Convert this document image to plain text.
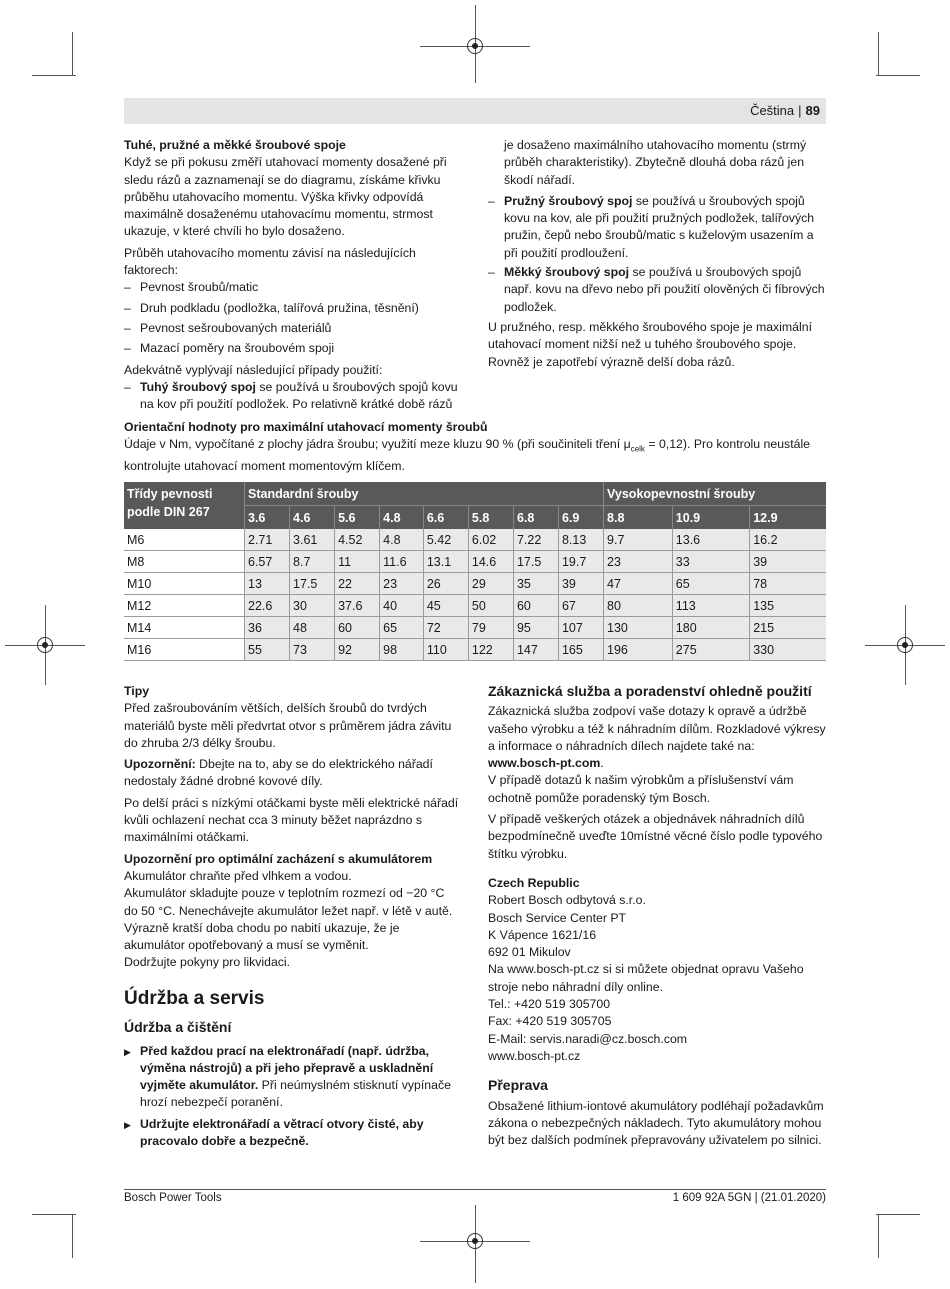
Čeština | 89
Tuhé, pružné a měkké šroubové spoje

Když se při pokusu změří utahovací momenty dosažené při sledu rázů a zaznamenají se do diagramu, získáme křivku průběhu utahovacího momentu. Výška křivky odpovídá maximálně dosaženému utahovacímu momentu, strmost ukazuje, v které chvíli ho bylo dosaženo.

Průběh utahovacího momentu závisí na následujících faktorech:

– Pevnost šroubů/matic
– Druh podkladu (podložka, talířová pružina, těsnění)
– Pevnost sešroubovaných materiálů
– Mazací poměry na šroubovém spoji

Adekvátně vyplývají následující případy použití:

– Tuhý šroubový spoj se používá u šroubových spojů kovu na kov při použití podložek. Po relativně krátké době rázů

je dosaženo maximálního utahovacího momentu (strmý průběh charakteristiky). Zbytečně dlouhá doba rázů jen škodí nářadí.

– Pružný šroubový spoj se používá u šroubových spojů kovu na kov, ale při použití pružných podložek, talířových pružin, čepů nebo šroubů/matic s kuželovým usazením a při použití prodloužení.
– Měkký šroubový spoj se používá u šroubových spojů např. kovu na dřevo nebo při použití olověných či fíbrových podložek.

U pružného, resp. měkkého šroubového spoje je maximální utahovací moment nižší než u tuhého šroubového spoje. Rovněž je zapotřebí výrazně delší doba rázů.

Orientační hodnoty pro maximální utahovací momenty šroubů

Údaje v Nm, vypočítané z plochy jádra šroubu; využití meze kluzu 90 % (při součiniteli tření $\mu_{celk} = 0,12$). Pro kontrolu neustále kontrolujte utahovací moment momentovým klíčem.

Třídy pevnosti podle DIN 267	Standardní šrouby								Vysokopevnostní šrouby		
	3.6	4.6	5.6	4.8	6.6	5.8	6.8	6.9	8.8	10.9	12.9
M6	2.71	3.61	4.52	4.8	5.42	6.02	7.22	8.13	9.7	13.6	16.2
M8	6.57	8.7	11	11.6	13.1	14.6	17.5	19.7	23	33	39
M10	13	17.5	22	23	26	29	35	39	47	65	78
M12	22.6	30	37.6	40	45	50	60	67	80	113	135
M14	36	48	60	65	72	79	95	107	130	180	215
M16	55	73	92	98	110	122	147	165	196	275	330
Tipy

Před zašroubováním větších, delších šroubů do tvrdých materiálů byste měli předvrtat otvor s průměrem jádra závitu do zhruba 2/3 délky šroubu.

Upozornění: Dbejte na to, aby se do elektrického nářadí nedostaly žádné drobné kovové díly.

Po delší práci s nízkými otáčkami byste měli elektrické nářadí kvůli ochlazení nechat cca 3 minuty běžet naprázdno s maximálními otáčkami.

Upozornění pro optimální zacházení s akumulátorem
Akumulátor chraňte před vlhkem a vodou.
Akumulátor skladujte pouze v teplotním rozmezí od −20 °C do 50 °C. Nenechávejte akumulátor ležet např. v létě v autě.
Výrazně kratší doba chodu po nabití ukazuje, že je akumulátor opotřebovaný a musí se vyměnit.
Dodržujte pokyny pro likvidaci.
Údržba a servis
Údržba a čištění
▶ Před každou prací na elektronářadí (např. údržba, výměna nástrojů) a při jeho přepravě a uskladnění vyjměte akumulátor. Při neúmyslném stisknutí vypínače hrozí nebezpečí poranění.
▶ Udržujte elektronářadí a větrací otvory čisté, aby pracovalo dobře a bezpečně.
Zákaznická služba a poradenství ohledně použití

Zákaznická služba zodpoví vaše dotazy k opravě a údržbě vašeho výrobku a též k náhradním dílům. Rozkladové výkresy a informace o náhradních dílech najdete také na:

www.bosch-pt.com.

V případě dotazů k našim výrobkům a příslušenství vám ochotně pomůže poradenský tým Bosch.

V případě veškerých otázek a objednávek náhradních dílů bezpodmínečně uveďte 10místné věcné číslo podle typového štítku výrobku.

Czech Republic
Robert Bosch odbytová s.r.o.
Bosch Service Center PT
K Vápence 1621/16
692 01 Mikulov
Na www.bosch-pt.cz si si můžete objednat opravu Vašeho stroje nebo náhradní díly online.
Tel.: +420 519 305700
Fax: +420 519 305705
E-Mail: servis.naradi@cz.bosch.com
www.bosch-pt.cz
Přeprava

Obsažené lithium-iontové akumulátory podléhají požadavkům zákona o nebezpečných nákladech. Tyto akumulátory mohou být bez dalších podmínek přepravovány uživatelem po silnici.

Bosch Power Tools	1 609 92A 5GN | (21.01.2020)
